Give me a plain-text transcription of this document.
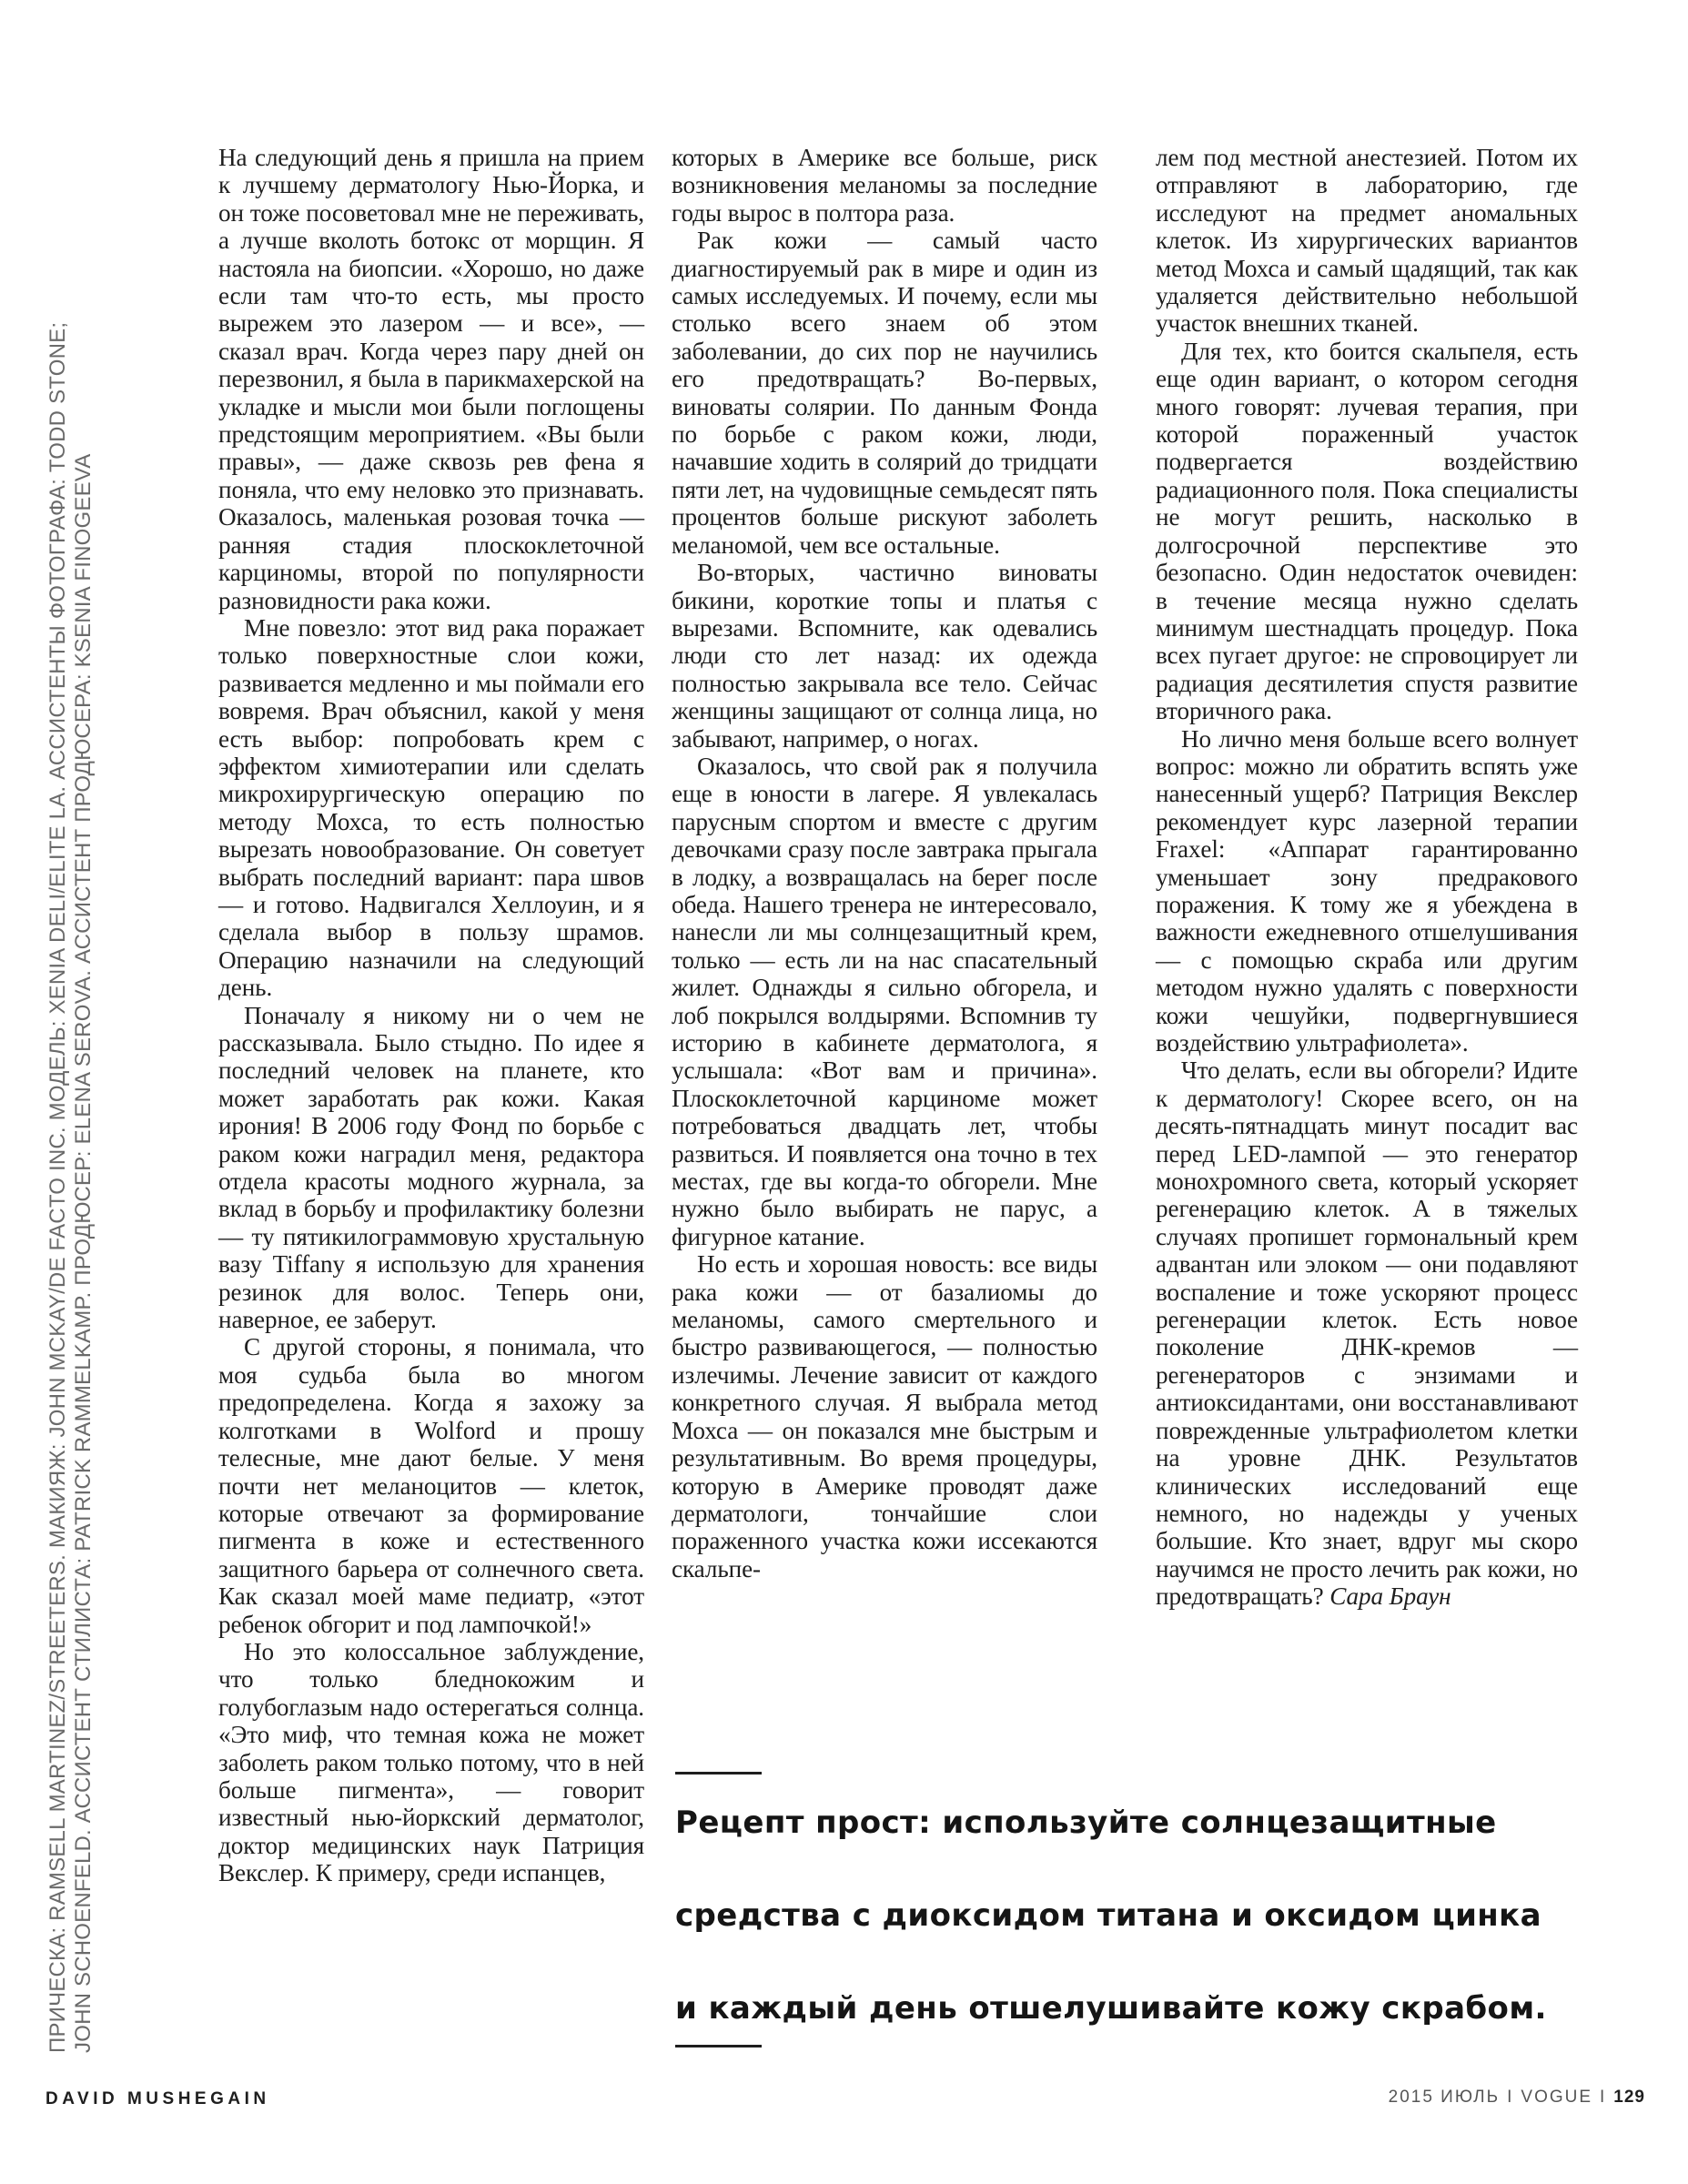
На следующий день я пришла на прием к лучшему дерматологу Нью-Йорка, и он тоже посоветовал мне не переживать, а лучше вколоть ботокс от морщин. Я настояла на биопсии. «Хорошо, но даже если там что-то есть, мы просто вырежем это лазером — и все», — сказал врач. Когда через пару дней он перезвонил, я была в парикмахерской на укладке и мысли мои были поглощены предстоящим мероприятием. «Вы были правы», — даже сквозь рев фена я поняла, что ему неловко это признавать. Оказалось, маленькая розовая точка — ранняя стадия плоскоклеточной карциномы, второй по популярности разновидности рака кожи.

Мне повезло: этот вид рака поражает только поверхностные слои кожи, развивается медленно и мы поймали его вовремя. Врач объяснил, какой у меня есть выбор: попробовать крем с эффектом химиотерапии или сделать микрохирургическую операцию по методу Мохса, то есть полностью вырезать новообразование. Он советует выбрать последний вариант: пара швов — и готово. Надвигался Хеллоуин, и я сделала выбор в пользу шрамов. Операцию назначили на следующий день.

Поначалу я никому ни о чем не рассказывала. Было стыдно. По идее я последний человек на планете, кто может заработать рак кожи. Какая ирония! В 2006 году Фонд по борьбе с раком кожи наградил меня, редактора отдела красоты модного журнала, за вклад в борьбу и профилактику болезни — ту пятикилограммовую хрустальную вазу Tiffany я использую для хранения резинок для волос. Теперь они, наверное, ее заберут.

С другой стороны, я понимала, что моя судьба была во многом предопределена. Когда я захожу за колготками в Wolford и прошу телесные, мне дают белые. У меня почти нет меланоцитов — клеток, которые отвечают за формирование пигмента в коже и естественного защитного барьера от солнечного света. Как сказал моей маме педиатр, «этот ребенок обгорит и под лампочкой!»

Но это колоссальное заблуждение, что только бледнокожим и голубоглазым надо остерегаться солнца. «Это миф, что темная кожа не может заболеть раком только потому, что в ней больше пигмента», — говорит известный нью-йоркский дерматолог, доктор медицинских наук Патриция Векслер. К примеру, среди испанцев,

которых в Америке все больше, риск возникновения меланомы за последние годы вырос в полтора раза.

Рак кожи — самый часто диагностируемый рак в мире и один из самых исследуемых. И почему, если мы столько всего знаем об этом заболевании, до сих пор не научились его предотвращать? Во-первых, виноваты солярии. По данным Фонда по борьбе с раком кожи, люди, начавшие ходить в солярий до тридцати пяти лет, на чудовищные семьдесят пять процентов больше рискуют заболеть меланомой, чем все остальные.

Во-вторых, частично виноваты бикини, короткие топы и платья с вырезами. Вспомните, как одевались люди сто лет назад: их одежда полностью закрывала все тело. Сейчас женщины защищают от солнца лица, но забывают, например, о ногах.

Оказалось, что свой рак я получила еще в юности в лагере. Я увлекалась парусным спортом и вместе с другим девочками сразу после завтрака прыгала в лодку, а возвращалась на берег после обеда. Нашего тренера не интересовало, нанесли ли мы солнцезащитный крем, только — есть ли на нас спасательный жилет. Однажды я сильно обгорела, и лоб покрылся волдырями. Вспомнив ту историю в кабинете дерматолога, я услышала: «Вот вам и причина». Плоскоклеточной карциноме может потребоваться двадцать лет, чтобы развиться. И появляется она точно в тех местах, где вы когда-то обгорели. Мне нужно было выбирать не парус, а фигурное катание.

Но есть и хорошая новость: все виды рака кожи — от базалиомы до меланомы, самого смертельного и быстро развивающегося, — полностью излечимы. Лечение зависит от каждого конкретного случая. Я выбрала метод Мохса — он показался мне быстрым и результативным. Во время процедуры, которую в Америке проводят даже дерматологи, тончайшие слои пораженного участка кожи иссекаются скальпе-

лем под местной анестезией. Потом их отправляют в лабораторию, где исследуют на предмет аномальных клеток. Из хирургических вариантов метод Мохса и самый щадящий, так как удаляется действительно небольшой участок внешних тканей.

Для тех, кто боится скальпеля, есть еще один вариант, о котором сегодня много говорят: лучевая терапия, при которой пораженный участок подвергается воздействию радиационного поля. Пока специалисты не могут решить, насколько в долгосрочной перспективе это безопасно. Один недостаток очевиден: в течение месяца нужно сделать минимум шестнадцать процедур. Пока всех пугает другое: не спровоцирует ли радиация десятилетия спустя развитие вторичного рака.

Но лично меня больше всего волнует вопрос: можно ли обратить вспять уже нанесенный ущерб? Патриция Векслер рекомендует курс лазерной терапии Fraxel: «Аппарат гарантированно уменьшает зону предракового поражения. К тому же я убеждена в важности ежедневного отшелушивания — с помощью скраба или другим методом нужно удалять с поверхности кожи чешуйки, подвергнувшиеся воздействию ультрафиолета».

Что делать, если вы обгорели? Идите к дерматологу! Скорее всего, он на десять-пятнадцать минут посадит вас перед LED-лампой — это генератор монохромного света, который ускоряет регенерацию клеток. А в тяжелых случаях пропишет гормональный крем адвантан или элоком — они подавляют воспаление и тоже ускоряют процесс регенерации клеток. Есть новое поколение ДНК-кремов — регенераторов с энзимами и антиоксидантами, они восстанавливают поврежденные ультрафиолетом клетки на уровне ДНК. Результатов клинических исследований еще немного, но надежды у ученых большие. Кто знает, вдруг мы скоро научимся не просто лечить рак кожи, но предотвращать? Сара Браун

ПРИЧЕСКА: RAMSELL MARTINEZ/STREETERS. МАКИЯЖ: JOHN MCKAY/DE FACTO INC. МОДЕЛЬ: XENIA DELI/ELITE LA. АССИСТЕНТЫ ФОТОГРАФА: TODD STONE; JOHN SCHOENFELD. АССИСТЕНТ СТИЛИСТА: PATRICK RAMMELKAMP. ПРОДЮСЕР: ELENA SEROVA. АССИСТЕНТ ПРОДЮСЕРА: KSENIA FINOGEEVA	Рецепт прост: используйте солнцезащитные
средства с диоксидом титана и оксидом цинка
и каждый день отшелушивайте кожу скрабом.
DAVID MUSHEGAIN	2015 ИЮЛЬ I VOGUE I 129
